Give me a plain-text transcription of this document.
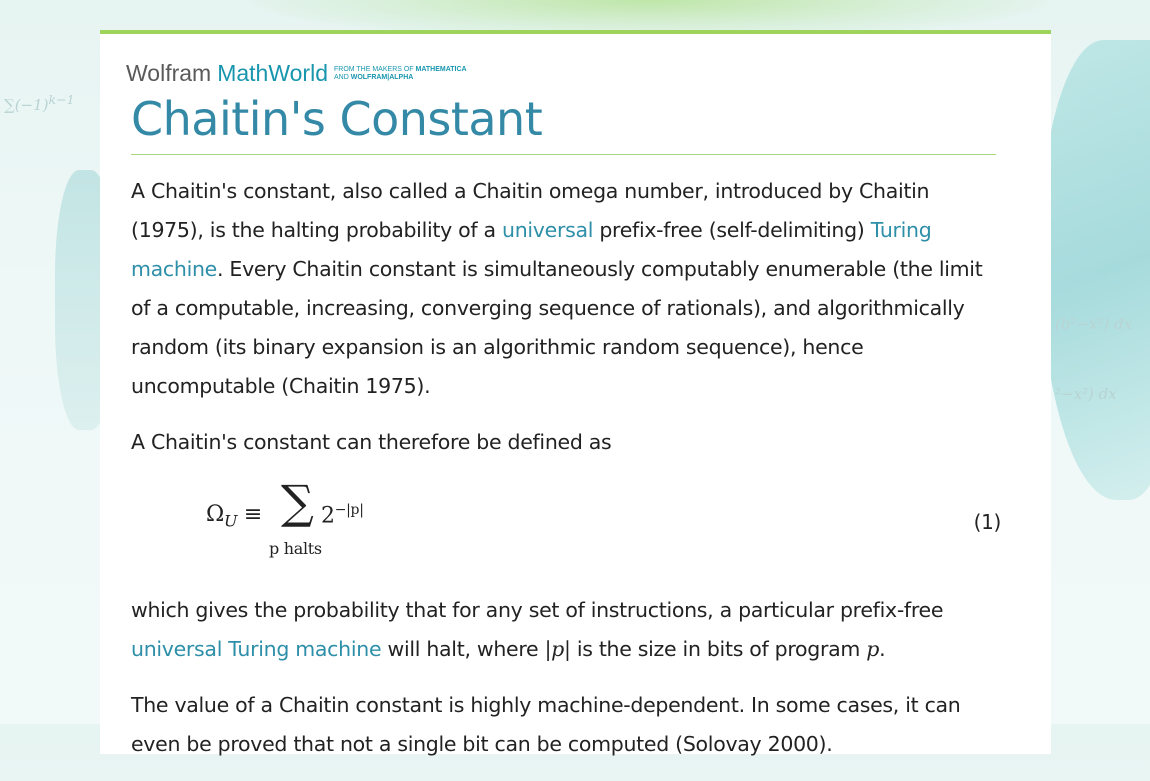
$\sum(-1)^{k-1}$
(b²−x²) dx
²−x²) dx
Wolfram MathWorld FROM THE MAKERS OF MATHEMATICA
AND WOLFRAM|ALPHA
Chaitin's Constant

A Chaitin's constant, also called a Chaitin omega number, introduced by Chaitin (1975), is the halting probability of a universal prefix-free (self-delimiting) Turing machine. Every Chaitin constant is simultaneously computably enumerable (the limit of a computable, increasing, converging sequence of rationals), and algorithmically random (its binary expansion is an algorithmic random sequence), hence uncomputable (Chaitin 1975).

A Chaitin's constant can therefore be defined as

$\Omega_U$ ≡ ∑
p halts
$2^{-|p|}$	(1)

which gives the probability that for any set of instructions, a particular prefix-free universal Turing machine will halt, where |p| is the size in bits of program p.

The value of a Chaitin constant is highly machine-dependent. In some cases, it can even be proved that not a single bit can be computed (Solovay 2000).
